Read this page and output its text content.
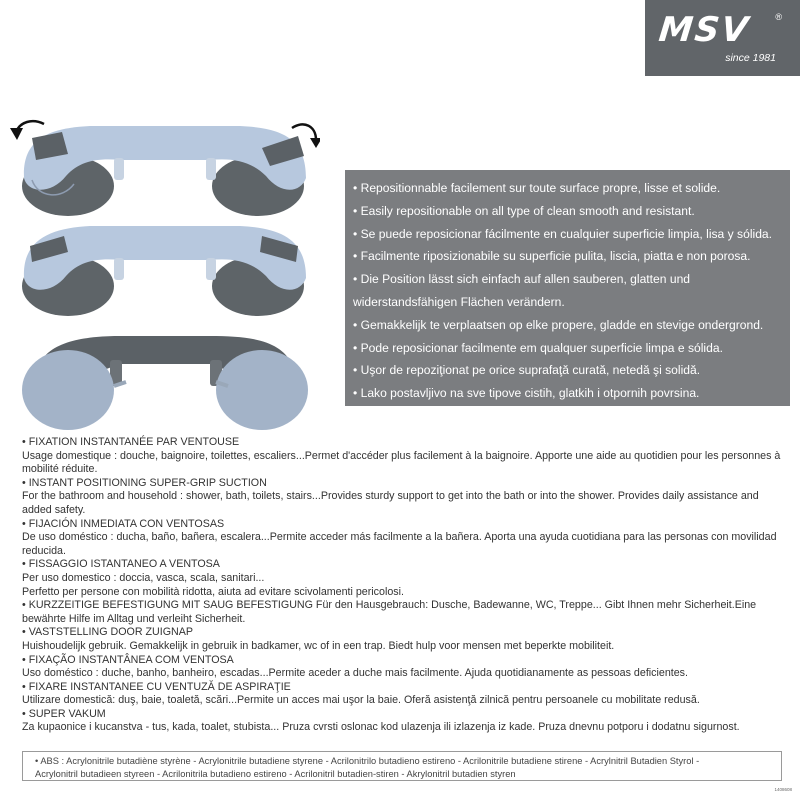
MSV	®
since 1981
• Repositionnable facilement sur toute surface propre, lisse et solide.
• Easily repositionable on all type of clean smooth and resistant.
• Se puede reposicionar fácilmente en cualquier superficie limpia, lisa y sólida.
• Facilmente riposizionabile su superficie pulita, liscia, piatta e non porosa.
• Die Position lässt sich einfach auf allen sauberen, glatten und
widerstandsfähigen Flächen verändern.
• Gemakkelijk te verplaatsen op elke propere, gladde en stevige ondergrond.
• Pode reposicionar facilmente em qualquer superficie limpa e sólida.
• Uşor de repoziţionat pe orice suprafaţă curată, netedă şi solidă.
• Lako postavljivo na sve tipove cistih, glatkih i otpornih povrsina.
• FIXATION INSTANTANÉE PAR VENTOUSE
Usage domestique : douche, baignoire, toilettes, escaliers...Permet d'accéder plus facilement à la baignoire. Apporte une aide au quotidien pour les personnes à mobilité réduite.
• INSTANT POSITIONING SUPER-GRIP SUCTION
For the bathroom and household : shower, bath, toilets, stairs...Provides sturdy support to get into the bath or into the shower. Provides daily assistance and added safety.
• FIJACIÓN INMEDIATA CON VENTOSAS
De uso doméstico : ducha, baño, bañera, escalera...Permite acceder más facilmente a la bañera. Aporta una ayuda cuotidiana para las personas con movilidad reducida.
• FISSAGGIO ISTANTANEO A VENTOSA
Per uso domestico : doccia, vasca, scala, sanitari...
Perfetto per persone con mobilità ridotta, aiuta ad evitare scivolamenti pericolosi.
• KURZZEITIGE BEFESTIGUNG MIT SAUG BEFESTIGUNG Für den Hausgebrauch: Dusche, Badewanne, WC, Treppe... Gibt Ihnen mehr Sicherheit.Eine bewährte Hilfe im Alltag und verleiht Sicherheit.
• VASTSTELLING DOOR ZUIGNAP
Huishoudelijk gebruik. Gemakkelijk in gebruik in badkamer, wc of in een trap. Biedt hulp voor mensen met beperkte mobiliteit.
• FIXAÇÃO INSTANTÂNEA COM VENTOSA
Uso doméstico : duche, banho, banheiro, escadas...Permite aceder a duche mais facilmente. Ajuda quotidianamente as pessoas deficientes.
• FIXARE INSTANTANEE CU VENTUZĂ DE ASPIRAŢIE
Utilizare domestică: duş, baie, toaletă, scări...Permite un acces mai uşor la baie. Oferă asistenţă zilnică pentru persoanele cu mobilitate redusă.
• SUPER VAKUM
Za kupaonice i kucanstva - tus, kada, toalet, stubista... Pruza cvrsti oslonac kod ulazenja ili izlazenja iz kade. Pruza dnevnu potporu i dodatnu sigurnost.
• ABS : Acrylonitrile butadiène styrène - Acrylonitrile butadiene styrene - Acrilonitrilo butadieno estireno - Acrilonitrile butadiene stirene - Acrylnitril Butadien Styrol -
Acrylonitril butadieen styreen - Acrilonitrila butadieno estireno - Acrilonitril butadien-stiren - Akrylonitril butadien styren
1408608
